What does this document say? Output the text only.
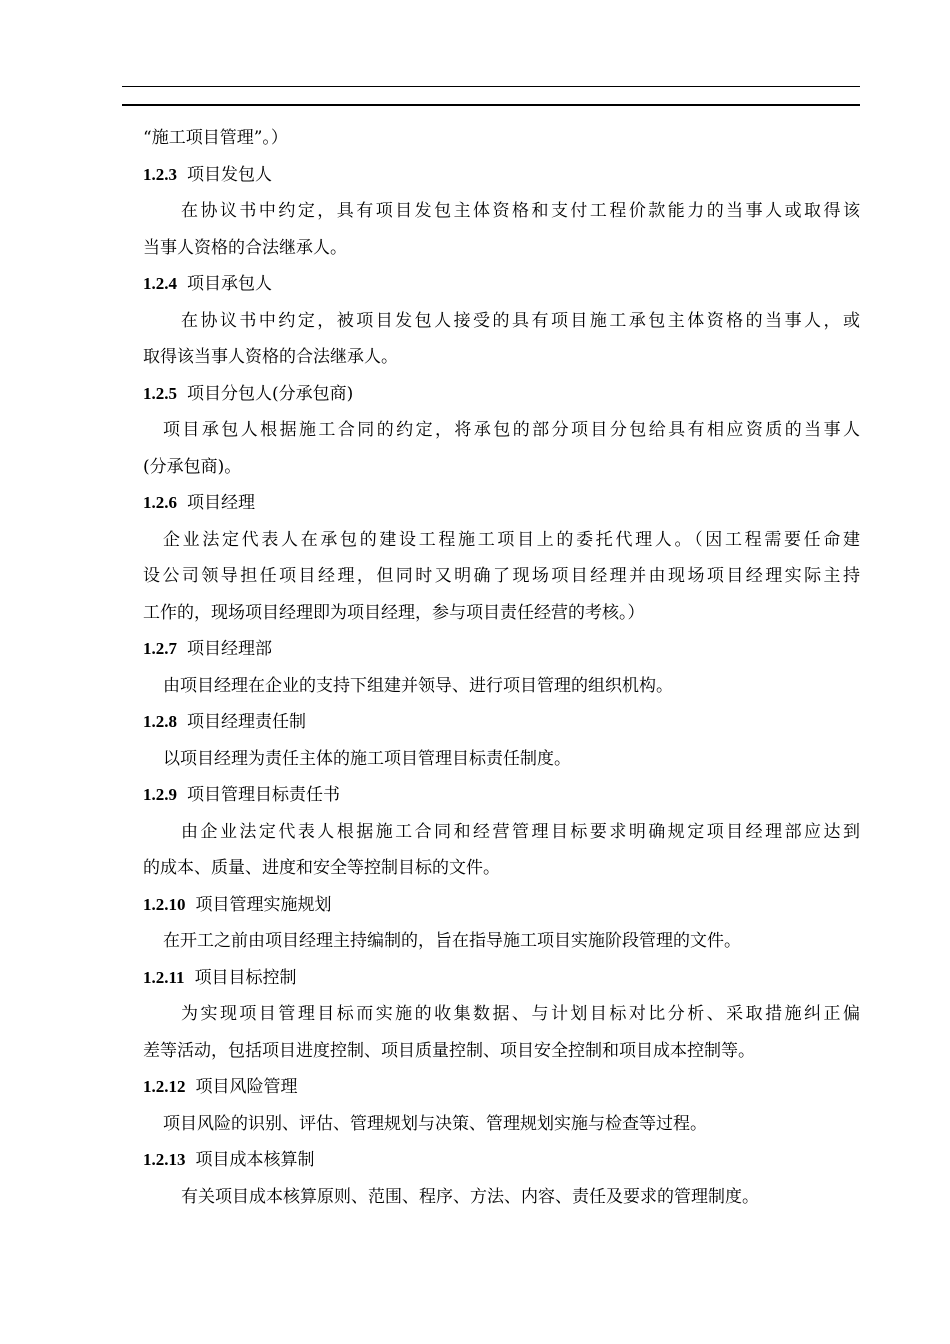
“施工项目管理”。）
1.2.3 项目发包人
在协议书中约定，具有项目发包主体资格和支付工程价款能力的当事人或取得该
当事人资格的合法继承人。
1.2.4 项目承包人
在协议书中约定，被项目发包人接受的具有项目施工承包主体资格的当事人，或
取得该当事人资格的合法继承人。
1.2.5 项目分包人(分承包商)
项目承包人根据施工合同的约定，将承包的部分项目分包给具有相应资质的当事人
(分承包商)。
1.2.6 项目经理
企业法定代表人在承包的建设工程施工项目上的委托代理人。（因工程需要任命建
设公司领导担任项目经理，但同时又明确了现场项目经理并由现场项目经理实际主持
工作的，现场项目经理即为项目经理，参与项目责任经营的考核。）
1.2.7 项目经理部
由项目经理在企业的支持下组建并领导、进行项目管理的组织机构。
1.2.8 项目经理责任制
以项目经理为责任主体的施工项目管理目标责任制度。
1.2.9 项目管理目标责任书
由企业法定代表人根据施工合同和经营管理目标要求明确规定项目经理部应达到
的成本、质量、进度和安全等控制目标的文件。
1.2.10 项目管理实施规划
在开工之前由项目经理主持编制的，旨在指导施工项目实施阶段管理的文件。
1.2.11 项目目标控制
为实现项目管理目标而实施的收集数据、与计划目标对比分析、采取措施纠正偏
差等活动，包括项目进度控制、项目质量控制、项目安全控制和项目成本控制等。
1.2.12 项目风险管理
项目风险的识别、评估、管理规划与决策、管理规划实施与检查等过程。
1.2.13 项目成本核算制
有关项目成本核算原则、范围、程序、方法、内容、责任及要求的管理制度。
